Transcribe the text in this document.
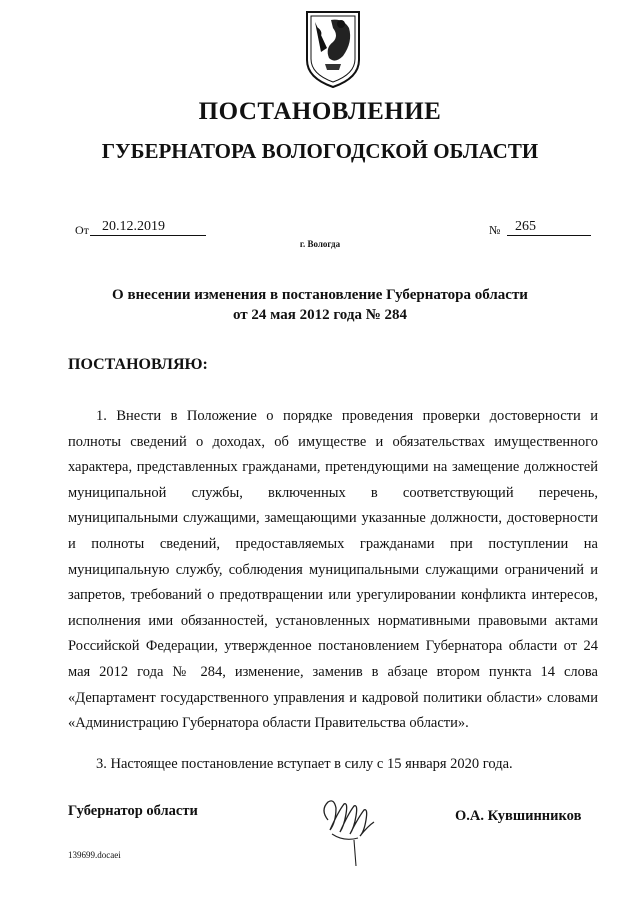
ПОСТАНОВЛЕНИЕ
ГУБЕРНАТОРА ВОЛОГОДСКОЙ ОБЛАСТИ
От 20.12.2019	№	265
г. Вологда
О внесении изменения в постановление Губернатора области
от 24 мая 2012 года № 284
ПОСТАНОВЛЯЮ:
1. Внести в Положение о порядке проведения проверки достоверности и полноты сведений о доходах, об имуществе и обязательствах имущественного характера, представленных гражданами, претендующими на замещение должностей муниципальной службы, включенных в соответствующий перечень, муниципальными служащими, замещающими указанные должности, достоверности и полноты сведений, предоставляемых гражданами при поступлении на муниципальную службу, соблюдения муниципальными служащими ограничений и запретов, требований о предотвращении или урегулировании конфликта интересов, исполнения ими обязанностей, установленных нормативными правовыми актами Российской Федерации, утвержденное постановлением Губернатора области от 24 мая 2012 года № 284, изменение, заменив в абзаце втором пункта 14 слова «Департамент государственного управления и кадровой политики области» словами «Администрацию Губернатора области Правительства области».
3. Настоящее постановление вступает в силу с 15 января 2020 года.
Губернатор области	О.А. Кувшинников
139699.docaei
